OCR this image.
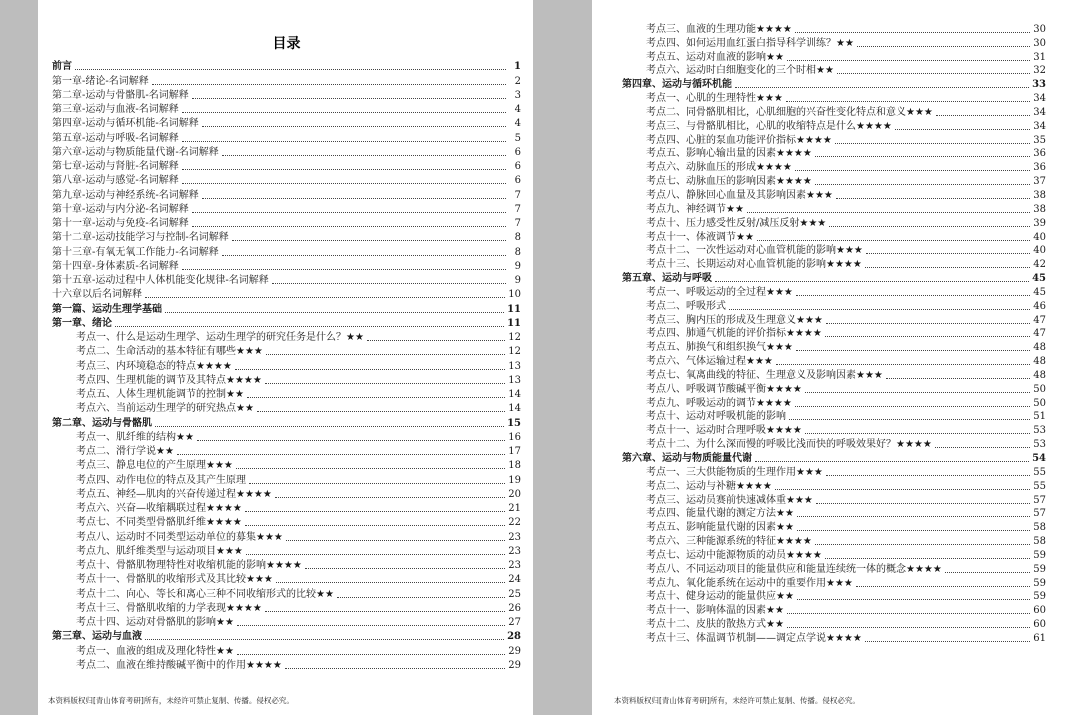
目录
前言	1
第一章-绪论-名词解释	2
第二章-运动与骨骼肌-名词解释	3
第三章-运动与血液-名词解释	4
第四章-运动与循环机能-名词解释	4
第五章-运动与呼吸-名词解释	5
第六章-运动与物质能量代谢-名词解释	6
第七章-运动与肾脏-名词解释	6
第八章-运动与感觉-名词解释	6
第九章-运动与神经系统-名词解释	7
第十章-运动与内分泌-名词解释	7
第十一章-运动与免疫-名词解释	7
第十二章-运动技能学习与控制-名词解释	8
第十三章-有氧无氧工作能力-名词解释	8
第十四章-身体素质-名词解释	9
第十五章-运动过程中人体机能变化规律-名词解释	9
十六章以后名词解释	10
第一篇、运动生理学基础	11
第一章、绪论	11
考点一、什么是运动生理学、运动生理学的研究任务是什么？ ★★	12
考点二、生命活动的基本特征有哪些 ★★★	12
考点三、内环境稳态的特点 ★★★★	13
考点四、生理机能的调节及其特点 ★★★★	13
考点五、人体生理机能调节的控制 ★★	14
考点六、当前运动生理学的研究热点 ★★	14
第二章、运动与骨骼肌	15
考点一、肌纤维的结构 ★★	16
考点二、滑行学说 ★★	17
考点三、静息电位的产生原理 ★★★	18
考点四、动作电位的特点及其产生原理	19
考点五、神经—肌肉的兴奋传递过程 ★★★★	20
考点六、兴奋—收缩耦联过程 ★★★★	21
考点七、不同类型骨骼肌纤维 ★★★★	22
考点八、运动时不同类型运动单位的募集 ★★★	23
考点九、肌纤维类型与运动项目 ★★★	23
考点十、骨骼肌物理特性对收缩机能的影响 ★★★★	23
考点十一、骨骼肌的收缩形式及其比较 ★★★	24
考点十二、向心、等长和离心三种不同收缩形式的比较 ★★	25
考点十三、骨骼肌收缩的力学表现 ★★★★	26
考点十四、运动对骨骼肌的影响 ★★	27
第三章、运动与血液	28
考点一、血液的组成及理化特性 ★★	29
考点二、血液在维持酸碱平衡中的作用 ★★★★	29
本资料版权归[青山体育考研]所有，未经许可禁止复制、传播。侵权必究。
考点三、血液的生理功能 ★★★★	30
考点四、如何运用血红蛋白指导科学训练？ ★★	30
考点五、运动对血液的影响 ★★	31
考点六、运动时白细胞变化的三个时相 ★★	32
第四章、运动与循环机能	33
考点一、心肌的生理特性 ★★★	34
考点二、同骨骼肌相比，心肌细胞的兴奋性变化特点和意义 ★★★	34
考点三、与骨骼肌相比，心肌的收缩特点是什么 ★★★★	34
考点四、心脏的泵血功能评价指标 ★★★★	35
考点五、影响心输出量的因素 ★★★★	36
考点六、动脉血压的形成 ★★★★	36
考点七、动脉血压的影响因素 ★★★★	37
考点八、静脉回心血量及其影响因素 ★★★	38
考点九、神经调节 ★★	38
考点十、压力感受性反射/减压反射 ★★★	39
考点十一、体液调节 ★★	40
考点十二、一次性运动对心血管机能的影响 ★★★	40
考点十三、长期运动对心血管机能的影响 ★★★★	42
第五章、运动与呼吸	45
考点一、呼吸运动的全过程 ★★★	45
考点二、呼吸形式	46
考点三、胸内压的形成及生理意义 ★★★	47
考点四、肺通气机能的评价指标 ★★★★	47
考点五、肺换气和组织换气 ★★★	48
考点六、气体运输过程 ★★★	48
考点七、氧离曲线的特征、生理意义及影响因素 ★★★	48
考点八、呼吸调节酸碱平衡 ★★★★	50
考点九、呼吸运动的调节 ★★★★	50
考点十、运动对呼吸机能的影响	51
考点十一、运动时合理呼吸 ★★★★	53
考点十二、为什么深而慢的呼吸比浅而快的呼吸效果好？ ★★★★	53
第六章、运动与物质能量代谢	54
考点一、三大供能物质的生理作用 ★★★	55
考点二、运动与补糖 ★★★★	55
考点三、运动员赛前快速减体重 ★★★	57
考点四、能量代谢的测定方法 ★★	57
考点五、影响能量代谢的因素 ★★	58
考点六、三种能源系统的特征 ★★★★	58
考点七、运动中能源物质的动员 ★★★★	59
考点八、不同运动项目的能量供应和能量连续统一体的概念 ★★★★	59
考点九、氧化能系统在运动中的重要作用 ★★★	59
考点十、健身运动的能量供应 ★★	59
考点十一、影响体温的因素 ★★	60
考点十二、皮肤的散热方式 ★★	60
考点十三、体温调节机制——调定点学说 ★★★★	61
本资料版权归[青山体育考研]所有，未经许可禁止复制、传播。侵权必究。
